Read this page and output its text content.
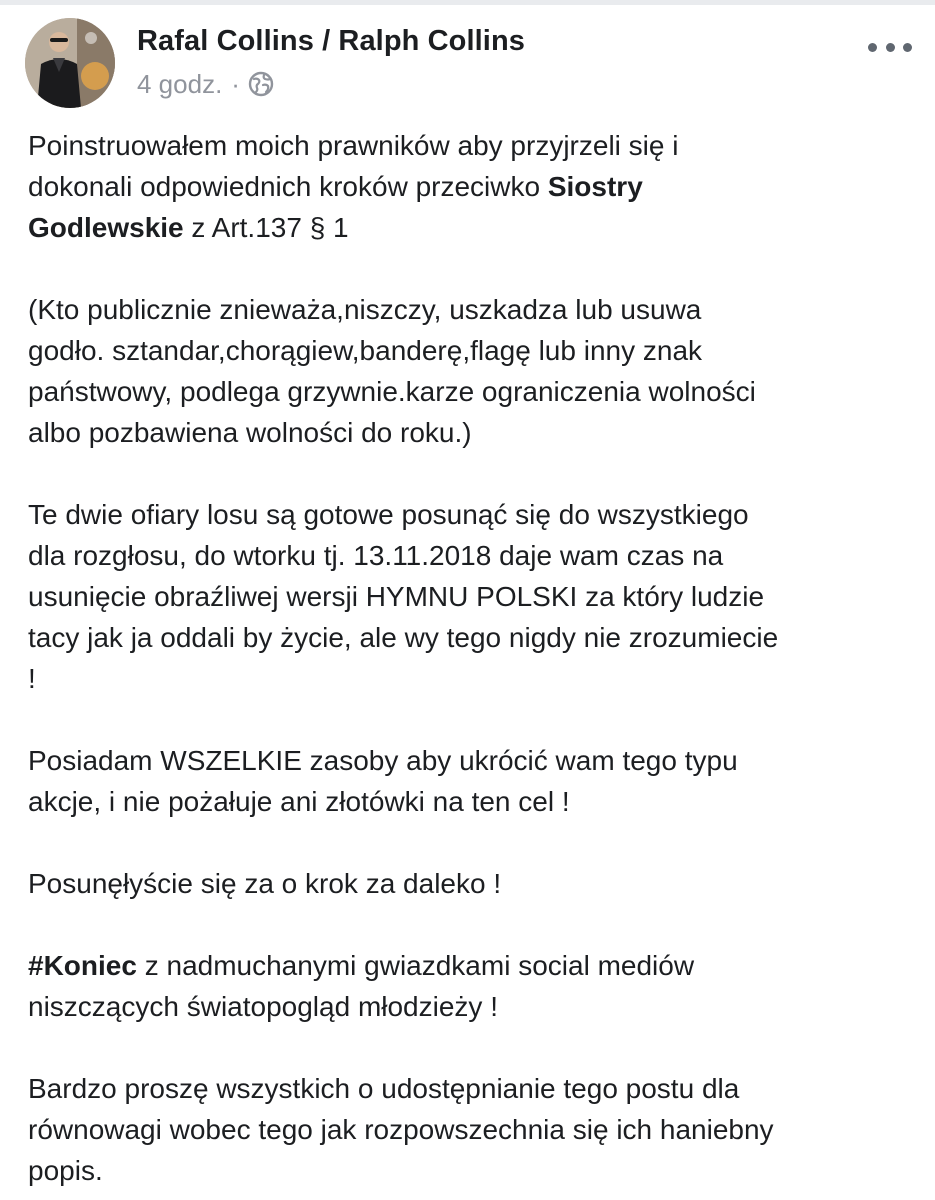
Rafal Collins / Ralph Collins
4 godz. ·
Poinstruowałem moich prawników aby przyjrzeli się i
dokonali odpowiednich kroków przeciwko Siostry
Godlewskie z Art.137 § 1
(Kto publicznie znieważa,niszczy, uszkadza lub usuwa
godło. sztandar,chorągiew,banderę,flagę lub inny znak
państwowy, podlega grzywnie.karze ograniczenia wolności
albo pozbawiena wolności do roku.)
Te dwie ofiary losu są gotowe posunąć się do wszystkiego
dla rozgłosu, do wtorku tj. 13.11.2018 daje wam czas na
usunięcie obraźliwej wersji HYMNU POLSKI za który ludzie
tacy jak ja oddali by życie, ale wy tego nigdy nie zrozumiecie
!
Posiadam WSZELKIE zasoby aby ukrócić wam tego typu
akcje, i nie pożałuje ani złotówki na ten cel !
Posunęłyście się za o krok za daleko !
#Koniec z nadmuchanymi gwiazdkami social mediów
niszczących światopogląd młodzieży !
Bardzo proszę wszystkich o udostępnianie tego postu dla
równowagi wobec tego jak rozpowszechnia się ich haniebny
popis.
